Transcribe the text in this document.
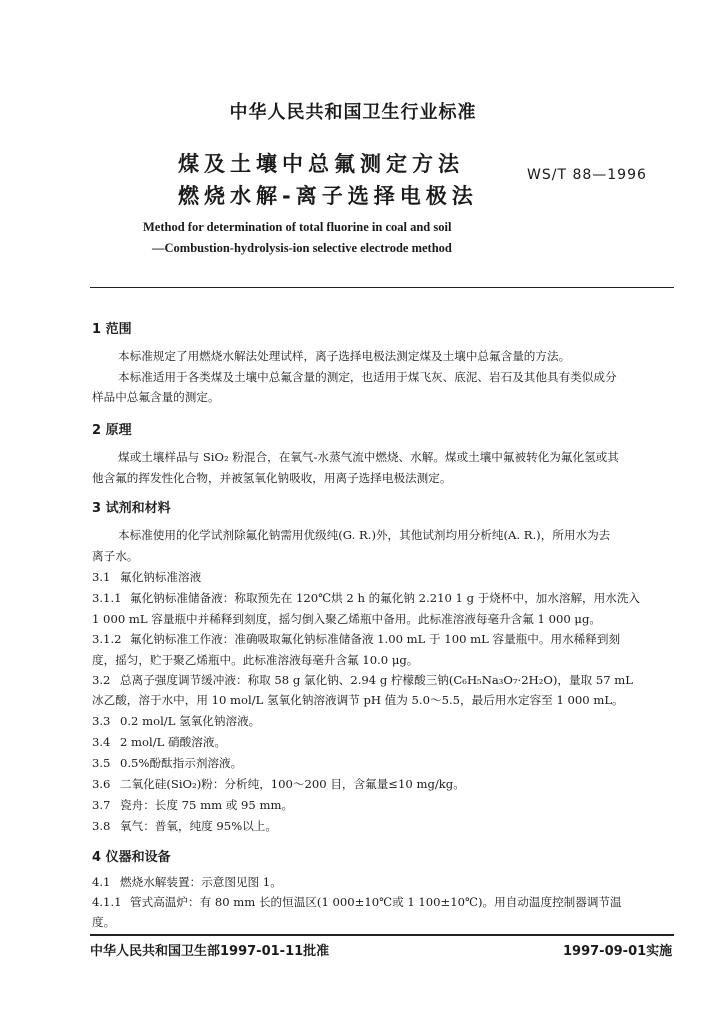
中华人民共和国卫生行业标准
煤及土壤中总氟测定方法
燃烧水解-离子选择电极法
WS/T 88—1996
Method for determination of total fluorine in coal and soil
—Combustion-hydrolysis-ion selective electrode method
1 范围
本标准规定了用燃烧水解法处理试样，离子选择电极法测定煤及土壤中总氟含量的方法。
本标准适用于各类煤及土壤中总氟含量的测定，也适用于煤飞灰、底泥、岩石及其他具有类似成分
样品中总氟含量的测定。
2 原理
煤或土壤样品与 SiO₂ 粉混合，在氧气-水蒸气流中燃烧、水解。煤或土壤中氟被转化为氟化氢或其
他含氟的挥发性化合物，并被氢氧化钠吸收，用离子选择电极法测定。
3 试剂和材料
本标准使用的化学试剂除氟化钠需用优级纯(G. R.)外，其他试剂均用分析纯(A. R.)，所用水为去
离子水。
3.1 氟化钠标准溶液
3.1.1 氟化钠标准储备液：称取预先在 120℃烘 2 h 的氟化钠 2.210 1 g 于烧杯中，加水溶解，用水洗入
1 000 mL 容量瓶中并稀释到刻度，摇匀倒入聚乙烯瓶中备用。此标准溶液每毫升含氟 1 000 μg。
3.1.2 氟化钠标准工作液：准确吸取氟化钠标准储备液 1.00 mL 于 100 mL 容量瓶中。用水稀释到刻
度，摇匀，贮于聚乙烯瓶中。此标准溶液每毫升含氟 10.0 μg。
3.2 总离子强度调节缓冲液：称取 58 g 氯化钠、2.94 g 柠檬酸三钠(C₆H₅Na₃O₇·2H₂O)，量取 57 mL
冰乙酸，溶于水中，用 10 mol/L 氢氧化钠溶液调节 pH 值为 5.0～5.5，最后用水定容至 1 000 mL。
3.3 0.2 mol/L 氢氧化钠溶液。
3.4 2 mol/L 硝酸溶液。
3.5 0.5%酚酞指示剂溶液。
3.6 二氧化硅(SiO₂)粉：分析纯，100～200 目，含氟量≤10 mg/kg。
3.7 瓷舟：长度 75 mm 或 95 mm。
3.8 氧气：普氧，纯度 95%以上。
4 仪器和设备
4.1 燃烧水解装置：示意图见图 1。
4.1.1 管式高温炉：有 80 mm 长的恒温区(1 000±10℃或 1 100±10℃)。用自动温度控制器调节温
度。
中华人民共和国卫生部1997-01-11批准	1997-09-01实施
